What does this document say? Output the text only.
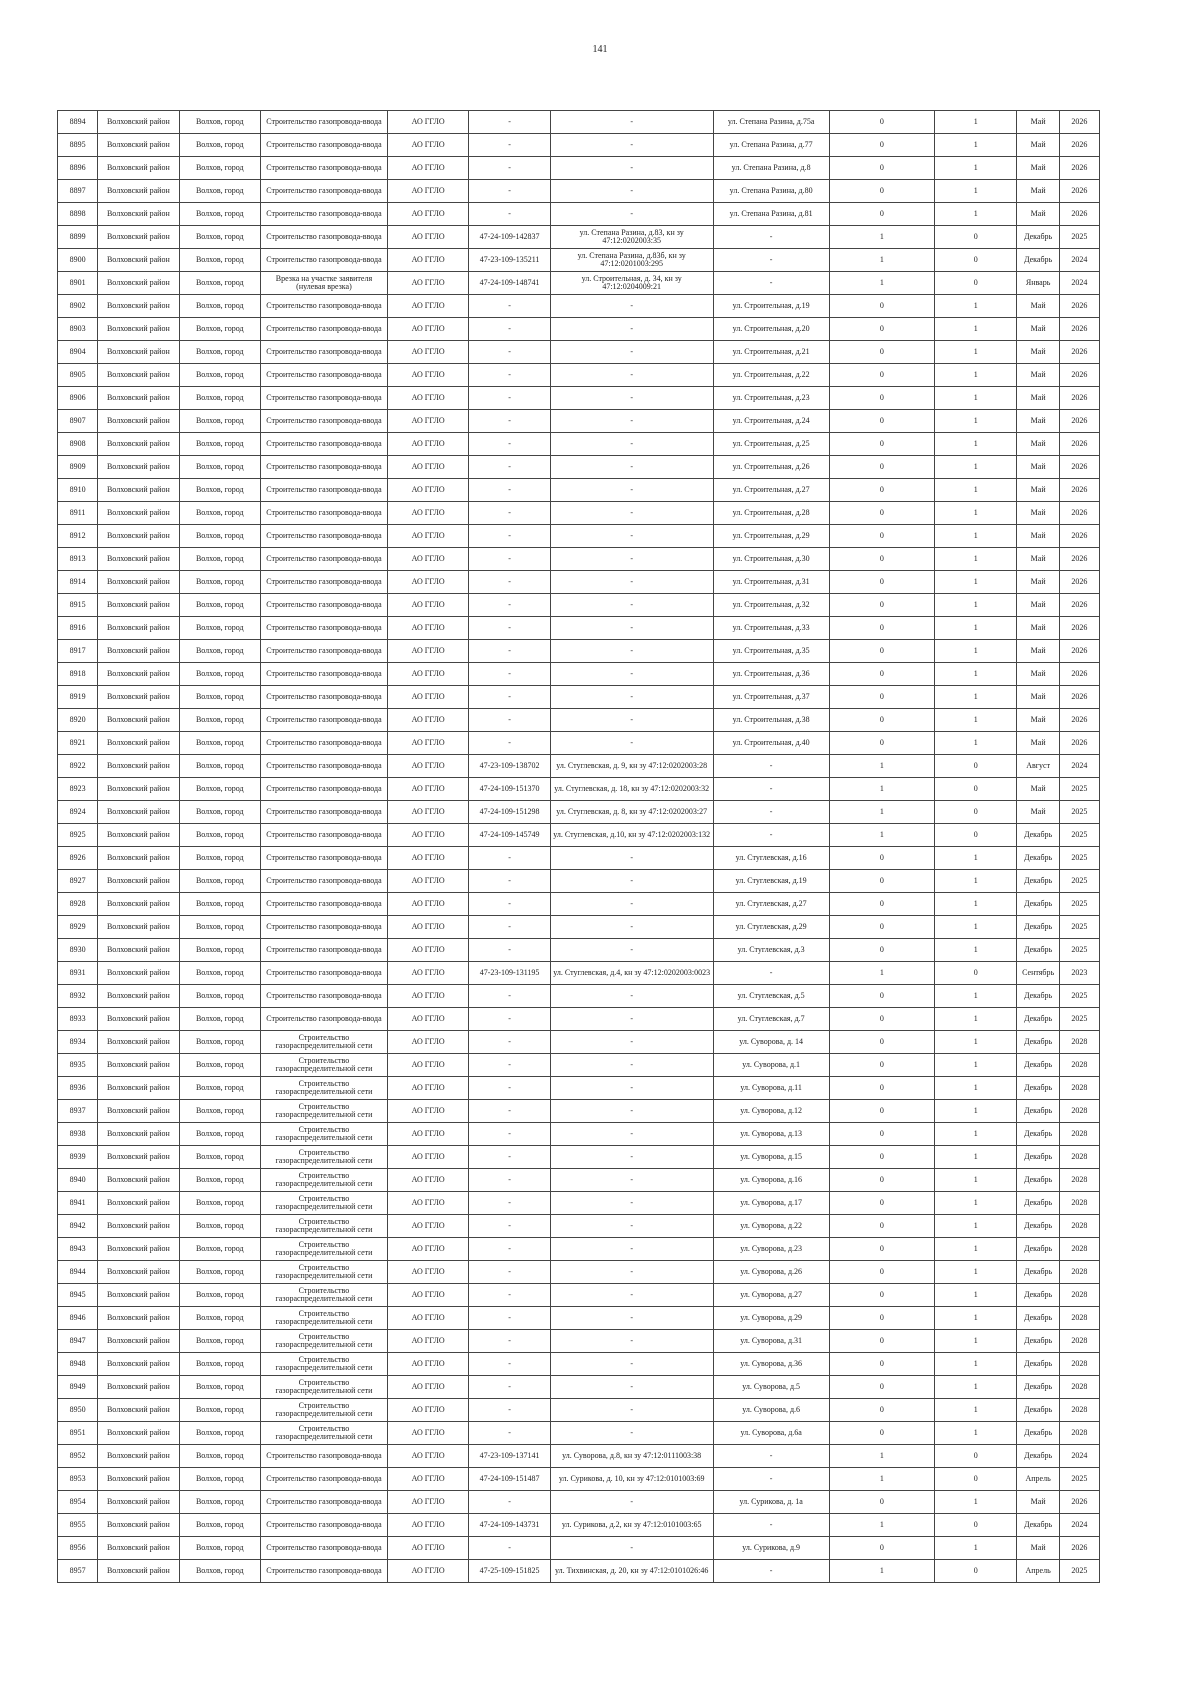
141
8894	Волховский район	Волхов, город	Строительство газопровода-ввода	АО ГГЛО	-	-	ул. Степана Разина, д.75а	0	1	Май	2026
8895	Волховский район	Волхов, город	Строительство газопровода-ввода	АО ГГЛО	-	-	ул. Степана Разина, д.77	0	1	Май	2026
8896	Волховский район	Волхов, город	Строительство газопровода-ввода	АО ГГЛО	-	-	ул. Степана Разина, д.8	0	1	Май	2026
8897	Волховский район	Волхов, город	Строительство газопровода-ввода	АО ГГЛО	-	-	ул. Степана Разина, д.80	0	1	Май	2026
8898	Волховский район	Волхов, город	Строительство газопровода-ввода	АО ГГЛО	-	-	ул. Степана Разина, д.81	0	1	Май	2026
8899	Волховский район	Волхов, город	Строительство газопровода-ввода	АО ГГЛО	47-24-109-142837	ул. Степана Разина, д.83, кн зу 47:12:0202003:35	-	1	0	Декабрь	2025
8900	Волховский район	Волхов, город	Строительство газопровода-ввода	АО ГГЛО	47-23-109-135211	ул. Степана Разина, д.83б, кн зу 47:12:0201003:295	-	1	0	Декабрь	2024
8901	Волховский район	Волхов, город	Врезка на участке заявителя (нулевая врезка)	АО ГГЛО	47-24-109-148741	ул. Строительная, д. 34, кн зу 47:12:0204009:21	-	1	0	Январь	2024
8902	Волховский район	Волхов, город	Строительство газопровода-ввода	АО ГГЛО	-	-	ул. Строительная, д.19	0	1	Май	2026
8903	Волховский район	Волхов, город	Строительство газопровода-ввода	АО ГГЛО	-	-	ул. Строительная, д.20	0	1	Май	2026
8904	Волховский район	Волхов, город	Строительство газопровода-ввода	АО ГГЛО	-	-	ул. Строительная, д.21	0	1	Май	2026
8905	Волховский район	Волхов, город	Строительство газопровода-ввода	АО ГГЛО	-	-	ул. Строительная, д.22	0	1	Май	2026
8906	Волховский район	Волхов, город	Строительство газопровода-ввода	АО ГГЛО	-	-	ул. Строительная, д.23	0	1	Май	2026
8907	Волховский район	Волхов, город	Строительство газопровода-ввода	АО ГГЛО	-	-	ул. Строительная, д.24	0	1	Май	2026
8908	Волховский район	Волхов, город	Строительство газопровода-ввода	АО ГГЛО	-	-	ул. Строительная, д.25	0	1	Май	2026
8909	Волховский район	Волхов, город	Строительство газопровода-ввода	АО ГГЛО	-	-	ул. Строительная, д.26	0	1	Май	2026
8910	Волховский район	Волхов, город	Строительство газопровода-ввода	АО ГГЛО	-	-	ул. Строительная, д.27	0	1	Май	2026
8911	Волховский район	Волхов, город	Строительство газопровода-ввода	АО ГГЛО	-	-	ул. Строительная, д.28	0	1	Май	2026
8912	Волховский район	Волхов, город	Строительство газопровода-ввода	АО ГГЛО	-	-	ул. Строительная, д.29	0	1	Май	2026
8913	Волховский район	Волхов, город	Строительство газопровода-ввода	АО ГГЛО	-	-	ул. Строительная, д.30	0	1	Май	2026
8914	Волховский район	Волхов, город	Строительство газопровода-ввода	АО ГГЛО	-	-	ул. Строительная, д.31	0	1	Май	2026
8915	Волховский район	Волхов, город	Строительство газопровода-ввода	АО ГГЛО	-	-	ул. Строительная, д.32	0	1	Май	2026
8916	Волховский район	Волхов, город	Строительство газопровода-ввода	АО ГГЛО	-	-	ул. Строительная, д.33	0	1	Май	2026
8917	Волховский район	Волхов, город	Строительство газопровода-ввода	АО ГГЛО	-	-	ул. Строительная, д.35	0	1	Май	2026
8918	Волховский район	Волхов, город	Строительство газопровода-ввода	АО ГГЛО	-	-	ул. Строительная, д.36	0	1	Май	2026
8919	Волховский район	Волхов, город	Строительство газопровода-ввода	АО ГГЛО	-	-	ул. Строительная, д.37	0	1	Май	2026
8920	Волховский район	Волхов, город	Строительство газопровода-ввода	АО ГГЛО	-	-	ул. Строительная, д.38	0	1	Май	2026
8921	Волховский район	Волхов, город	Строительство газопровода-ввода	АО ГГЛО	-	-	ул. Строительная, д.40	0	1	Май	2026
8922	Волховский район	Волхов, город	Строительство газопровода-ввода	АО ГГЛО	47-23-109-138702	ул. Стуглевская, д. 9, кн зу 47:12:0202003:28	-	1	0	Август	2024
8923	Волховский район	Волхов, город	Строительство газопровода-ввода	АО ГГЛО	47-24-109-151370	ул. Стуглевская, д. 18, кн зу 47:12:0202003:32	-	1	0	Май	2025
8924	Волховский район	Волхов, город	Строительство газопровода-ввода	АО ГГЛО	47-24-109-151298	ул. Стуглевская, д. 8, кн зу 47:12:0202003:27	-	1	0	Май	2025
8925	Волховский район	Волхов, город	Строительство газопровода-ввода	АО ГГЛО	47-24-109-145749	ул. Стуглевская, д.10, кн зу 47:12:0202003:132	-	1	0	Декабрь	2025
8926	Волховский район	Волхов, город	Строительство газопровода-ввода	АО ГГЛО	-	-	ул. Стуглевская, д.16	0	1	Декабрь	2025
8927	Волховский район	Волхов, город	Строительство газопровода-ввода	АО ГГЛО	-	-	ул. Стуглевская, д.19	0	1	Декабрь	2025
8928	Волховский район	Волхов, город	Строительство газопровода-ввода	АО ГГЛО	-	-	ул. Стуглевская, д.27	0	1	Декабрь	2025
8929	Волховский район	Волхов, город	Строительство газопровода-ввода	АО ГГЛО	-	-	ул. Стуглевская, д.29	0	1	Декабрь	2025
8930	Волховский район	Волхов, город	Строительство газопровода-ввода	АО ГГЛО	-	-	ул. Стуглевская, д.3	0	1	Декабрь	2025
8931	Волховский район	Волхов, город	Строительство газопровода-ввода	АО ГГЛО	47-23-109-131195	ул. Стуглевская, д.4, кн зу 47:12:0202003:0023	-	1	0	Сентябрь	2023
8932	Волховский район	Волхов, город	Строительство газопровода-ввода	АО ГГЛО	-	-	ул. Стуглевская, д.5	0	1	Декабрь	2025
8933	Волховский район	Волхов, город	Строительство газопровода-ввода	АО ГГЛО	-	-	ул. Стуглевская, д.7	0	1	Декабрь	2025
8934	Волховский район	Волхов, город	Строительство газораспределительной сети	АО ГГЛО	-	-	ул. Суворова, д. 14	0	1	Декабрь	2028
8935	Волховский район	Волхов, город	Строительство газораспределительной сети	АО ГГЛО	-	-	ул. Суворова, д.1	0	1	Декабрь	2028
8936	Волховский район	Волхов, город	Строительство газораспределительной сети	АО ГГЛО	-	-	ул. Суворова, д.11	0	1	Декабрь	2028
8937	Волховский район	Волхов, город	Строительство газораспределительной сети	АО ГГЛО	-	-	ул. Суворова, д.12	0	1	Декабрь	2028
8938	Волховский район	Волхов, город	Строительство газораспределительной сети	АО ГГЛО	-	-	ул. Суворова, д.13	0	1	Декабрь	2028
8939	Волховский район	Волхов, город	Строительство газораспределительной сети	АО ГГЛО	-	-	ул. Суворова, д.15	0	1	Декабрь	2028
8940	Волховский район	Волхов, город	Строительство газораспределительной сети	АО ГГЛО	-	-	ул. Суворова, д.16	0	1	Декабрь	2028
8941	Волховский район	Волхов, город	Строительство газораспределительной сети	АО ГГЛО	-	-	ул. Суворова, д.17	0	1	Декабрь	2028
8942	Волховский район	Волхов, город	Строительство газораспределительной сети	АО ГГЛО	-	-	ул. Суворова, д.22	0	1	Декабрь	2028
8943	Волховский район	Волхов, город	Строительство газораспределительной сети	АО ГГЛО	-	-	ул. Суворова, д.23	0	1	Декабрь	2028
8944	Волховский район	Волхов, город	Строительство газораспределительной сети	АО ГГЛО	-	-	ул. Суворова, д.26	0	1	Декабрь	2028
8945	Волховский район	Волхов, город	Строительство газораспределительной сети	АО ГГЛО	-	-	ул. Суворова, д.27	0	1	Декабрь	2028
8946	Волховский район	Волхов, город	Строительство газораспределительной сети	АО ГГЛО	-	-	ул. Суворова, д.29	0	1	Декабрь	2028
8947	Волховский район	Волхов, город	Строительство газораспределительной сети	АО ГГЛО	-	-	ул. Суворова, д.31	0	1	Декабрь	2028
8948	Волховский район	Волхов, город	Строительство газораспределительной сети	АО ГГЛО	-	-	ул. Суворова, д.36	0	1	Декабрь	2028
8949	Волховский район	Волхов, город	Строительство газораспределительной сети	АО ГГЛО	-	-	ул. Суворова, д.5	0	1	Декабрь	2028
8950	Волховский район	Волхов, город	Строительство газораспределительной сети	АО ГГЛО	-	-	ул. Суворова, д.6	0	1	Декабрь	2028
8951	Волховский район	Волхов, город	Строительство газораспределительной сети	АО ГГЛО	-	-	ул. Суворова, д.6а	0	1	Декабрь	2028
8952	Волховский район	Волхов, город	Строительство газопровода-ввода	АО ГГЛО	47-23-109-137141	ул. Суворова, д.8, кн зу 47:12:0111003:38	-	1	0	Декабрь	2024
8953	Волховский район	Волхов, город	Строительство газопровода-ввода	АО ГГЛО	47-24-109-151487	ул. Сурикова, д. 10, кн зу 47:12:0101003:69	-	1	0	Апрель	2025
8954	Волховский район	Волхов, город	Строительство газопровода-ввода	АО ГГЛО	-	-	ул. Сурикова, д. 1а	0	1	Май	2026
8955	Волховский район	Волхов, город	Строительство газопровода-ввода	АО ГГЛО	47-24-109-143731	ул. Сурикова, д.2, кн зу 47:12:0101003:65	-	1	0	Декабрь	2024
8956	Волховский район	Волхов, город	Строительство газопровода-ввода	АО ГГЛО	-	-	ул. Сурикова, д.9	0	1	Май	2026
8957	Волховский район	Волхов, город	Строительство газопровода-ввода	АО ГГЛО	47-25-109-151825	ул. Тихвинская, д. 20, кн зу 47:12:0101026:46	-	1	0	Апрель	2025
